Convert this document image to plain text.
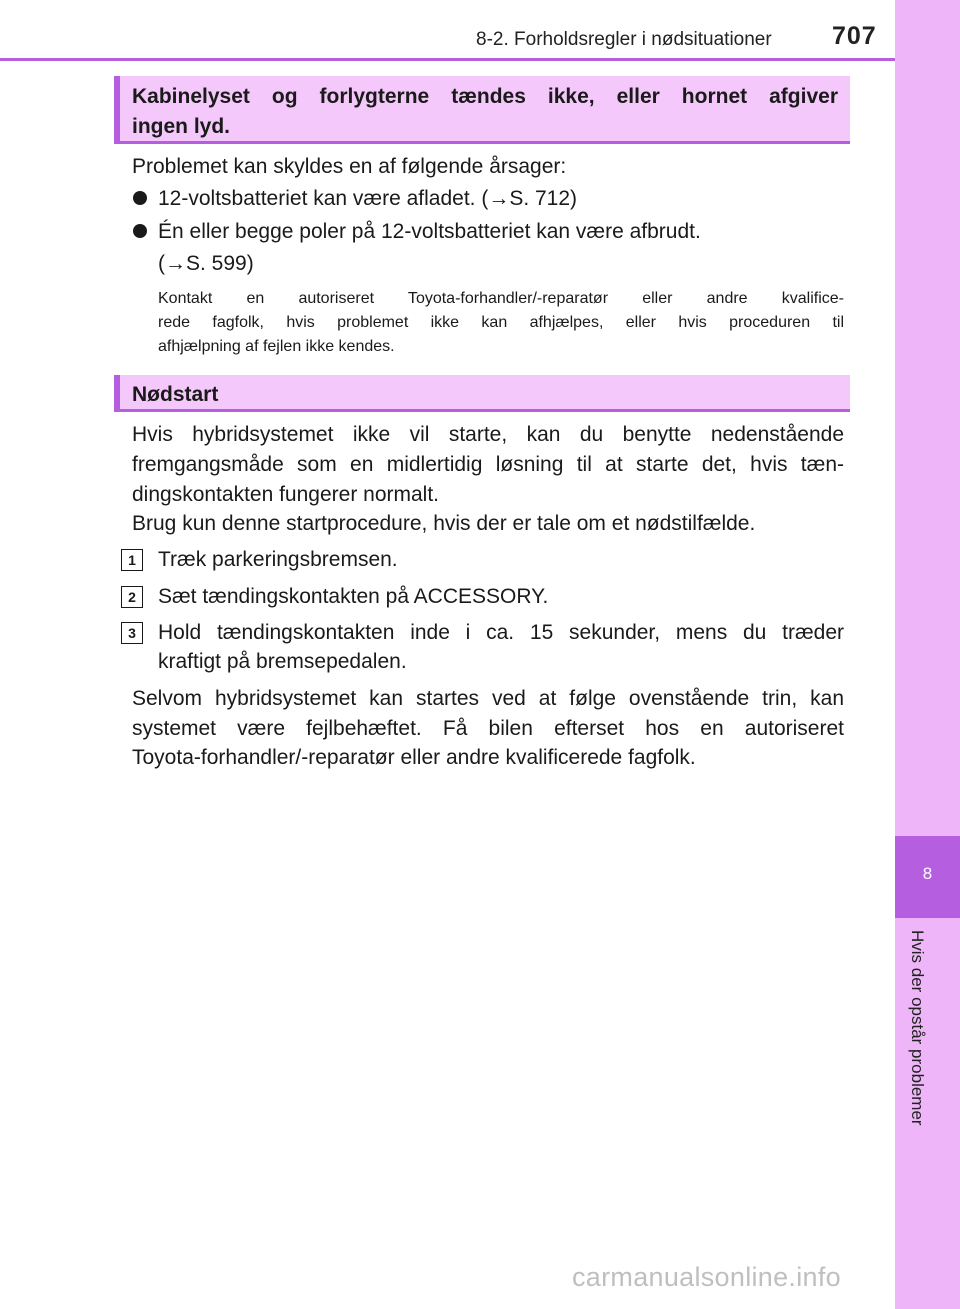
8-2. Forholdsregler i nødsituationer 707
8
Hvis der opstår problemer
Kabinelyset og forlygterne tændes ikke, eller hornet afgiver
ingen lyd.
Problemet kan skyldes en af følgende årsager:
12-voltsbatteriet kan være afladet. (→S. 712)
Én eller begge poler på 12-voltsbatteriet kan være afbrudt.
(→S. 599)
Kontakt en autoriseret Toyota-forhandler/-reparatør eller andre kvalifice-
rede fagfolk, hvis problemet ikke kan afhjælpes, eller hvis proceduren til
afhjælpning af fejlen ikke kendes.
Nødstart
Hvis hybridsystemet ikke vil starte, kan du benytte nedenstående
fremgangsmåde som en midlertidig løsning til at starte det, hvis tæn-
dingskontakten fungerer normalt.
Brug kun denne startprocedure, hvis der er tale om et nødstilfælde.
1	Træk parkeringsbremsen.
2	Sæt tændingskontakten på ACCESSORY.
3	Hold tændingskontakten inde i ca. 15 sekunder, mens du træder
kraftigt på bremsepedalen.
Selvom hybridsystemet kan startes ved at følge ovenstående trin, kan
systemet være fejlbehæftet. Få bilen efterset hos en autoriseret
Toyota-forhandler/-reparatør eller andre kvalificerede fagfolk.
carmanualsonline.info
